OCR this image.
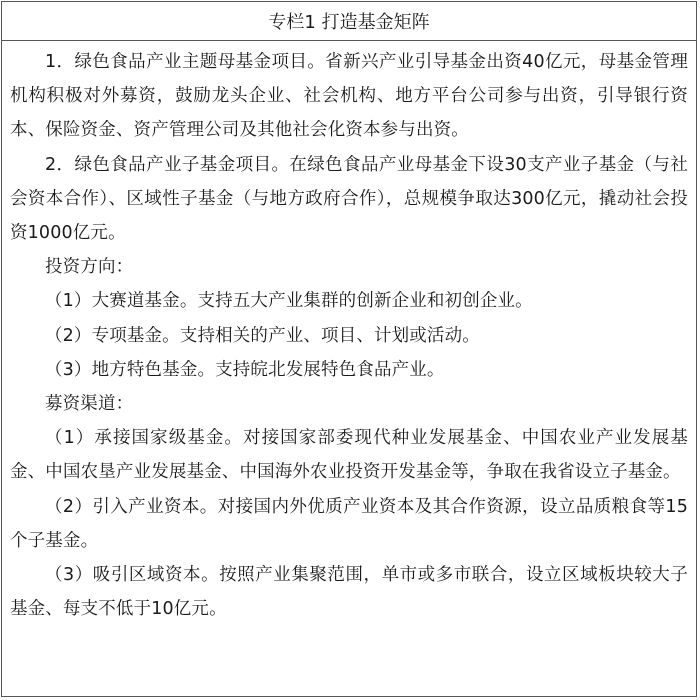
专栏1 打造基金矩阵

1．绿色食品产业主题母基金项目。省新兴产业引导基金出资40亿元，母基金管理机构积极对外募资，鼓励龙头企业、社会机构、地方平台公司参与出资，引导银行资本、保险资金、资产管理公司及其他社会化资本参与出资。

2．绿色食品产业子基金项目。在绿色食品产业母基金下设30支产业子基金（与社会资本合作）、区域性子基金（与地方政府合作），总规模争取达300亿元，撬动社会投资1000亿元。

投资方向：

（1）大赛道基金。支持五大产业集群的创新企业和初创企业。

（2）专项基金。支持相关的产业、项目、计划或活动。

（3）地方特色基金。支持皖北发展特色食品产业。

募资渠道：

（1）承接国家级基金。对接国家部委现代种业发展基金、中国农业产业发展基金、中国农垦产业发展基金、中国海外农业投资开发基金等，争取在我省设立子基金。

（2）引入产业资本。对接国内外优质产业资本及其合作资源，设立品质粮食等15个子基金。

（3）吸引区域资本。按照产业集聚范围，单市或多市联合，设立区域板块较大子基金、每支不低于10亿元。
